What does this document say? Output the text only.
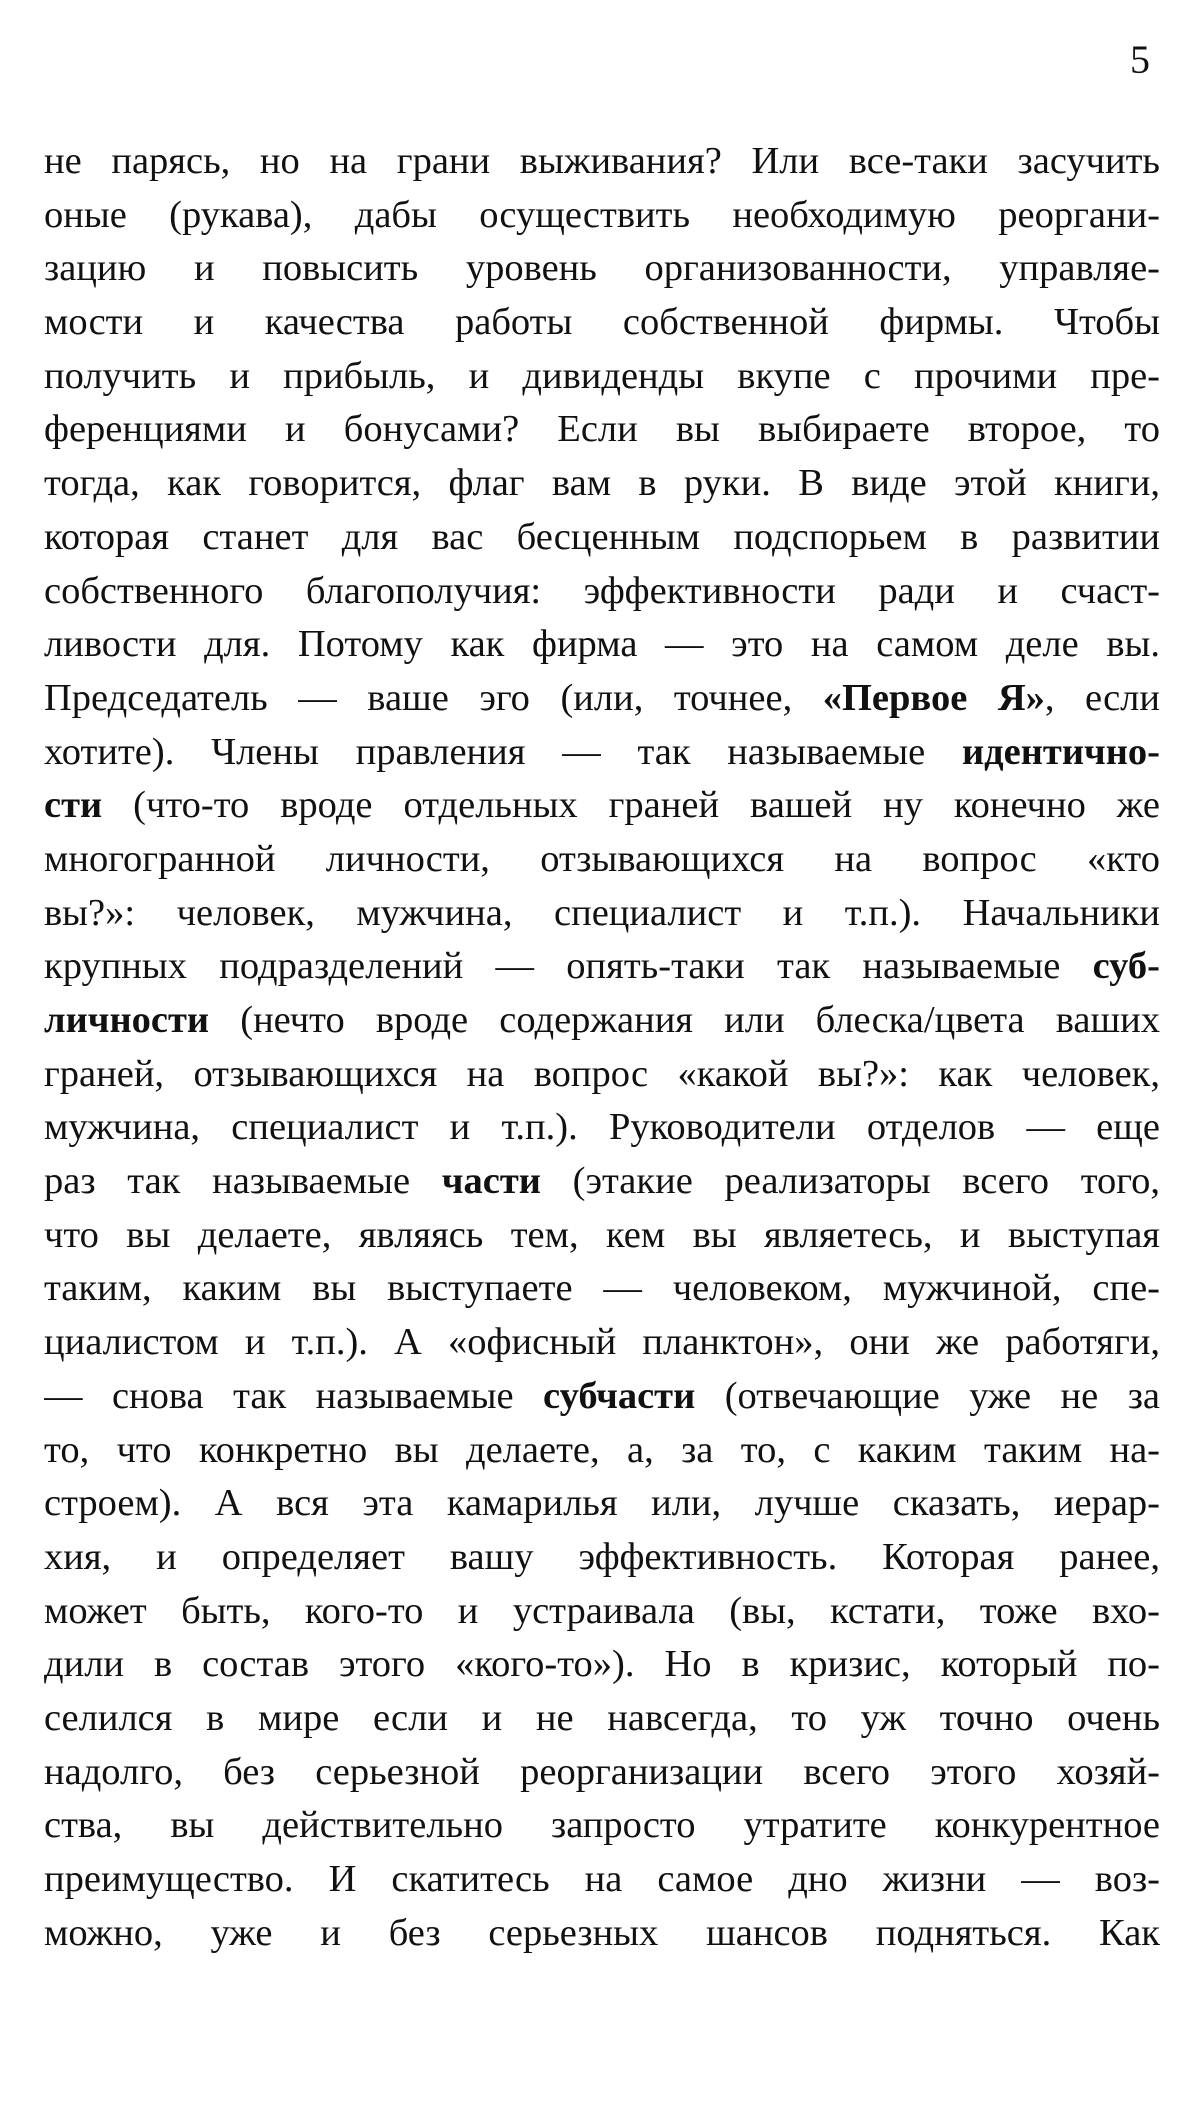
5
не парясь, но на грани выживания? Или все-таки засучить
оные (рукава), дабы осуществить необходимую реоргани-
зацию и повысить уровень организованности, управляе-
мости и качества работы собственной фирмы. Чтобы
получить и прибыль, и дивиденды вкупе с прочими пре-
ференциями и бонусами? Если вы выбираете второе, то
тогда, как говорится, флаг вам в руки. В виде этой книги,
которая станет для вас бесценным подспорьем в развитии
собственного благополучия: эффективности ради и счаст-
ливости для. Потому как фирма — это на самом деле вы.
Председатель — ваше эго (или, точнее, «Первое Я», если
хотите). Члены правления — так называемые идентично-
сти (что-то вроде отдельных граней вашей ну конечно же
многогранной личности, отзывающихся на вопрос «кто
вы?»: человек, мужчина, специалист и т.п.). Начальники
крупных подразделений — опять-таки так называемые суб-
личности (нечто вроде содержания или блеска/цвета ваших
граней, отзывающихся на вопрос «какой вы?»: как человек,
мужчина, специалист и т.п.). Руководители отделов — еще
раз так называемые части (этакие реализаторы всего того,
что вы делаете, являясь тем, кем вы являетесь, и выступая
таким, каким вы выступаете — человеком, мужчиной, спе-
циалистом и т.п.). А «офисный планктон», они же работяги,
— снова так называемые субчасти (отвечающие уже не за
то, что конкретно вы делаете, а, за то, с каким таким на-
строем). А вся эта камарилья или, лучше сказать, иерар-
хия, и определяет вашу эффективность. Которая ранее,
может быть, кого-то и устраивала (вы, кстати, тоже вхо-
дили в состав этого «кого-то»). Но в кризис, который по-
селился в мире если и не навсегда, то уж точно очень
надолго, без серьезной реорганизации всего этого хозяй-
ства, вы действительно запросто утратите конкурентное
преимущество. И скатитесь на самое дно жизни — воз-
можно, уже и без серьезных шансов подняться. Как
